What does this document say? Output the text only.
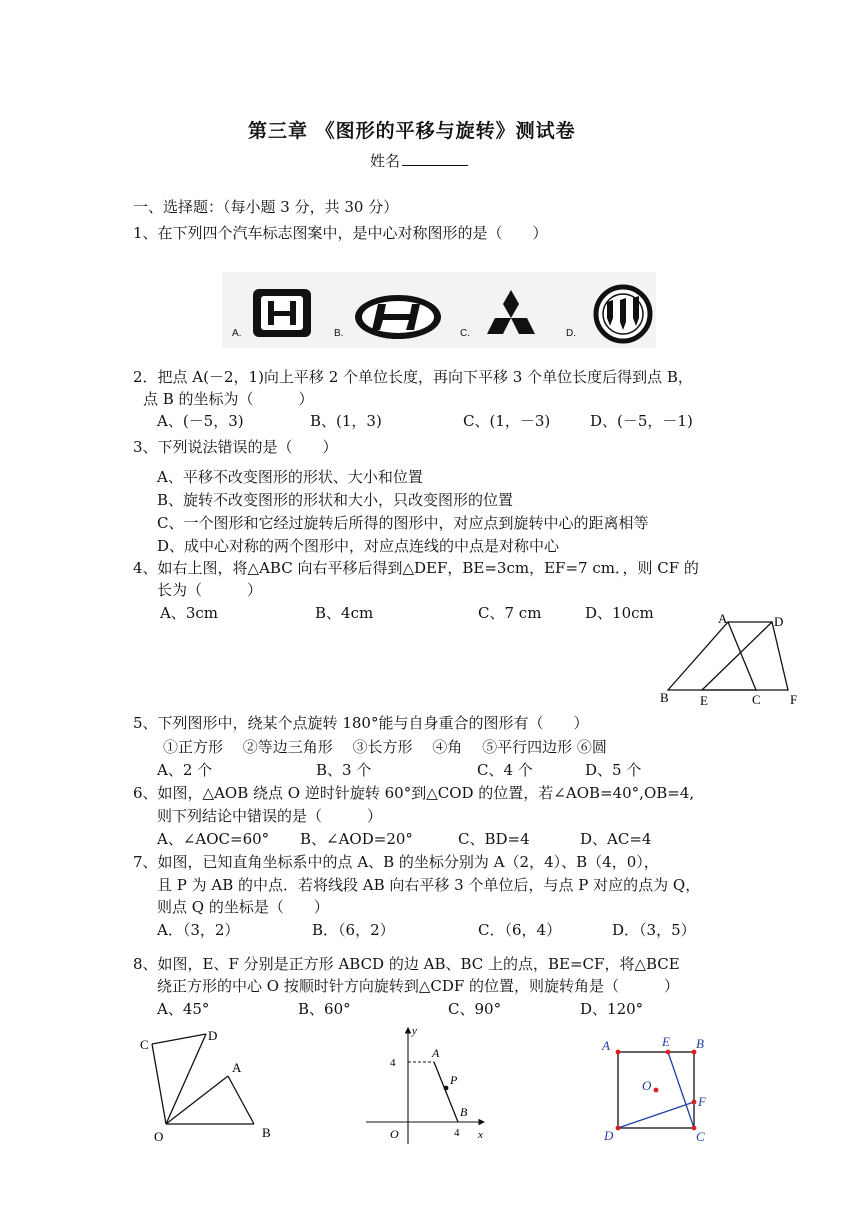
第三章 《图形的平移与旋转》测试卷
姓名
一、选择题：（每小题 3 分，共 30 分）
1、在下列四个汽车标志图案中，是中心对称图形的是（　　）
A.	B.	C.	D.
2．把点 A(－2，1)向上平移 2 个单位长度，再向下平移 3 个单位长度后得到点 B，
点 B 的坐标为（　　　）
A、(－5，3)	B、(1，3)	C、(1，－3)	D、(－5，－1)
3、下列说法错误的是（　　）
A、平移不改变图形的形状、大小和位置
B、旋转不改变图形的形状和大小，只改变图形的位置
C、一个图形和它经过旋转后所得的图形中，对应点到旋转中心的距离相等
D、成中心对称的两个图形中，对应点连线的中点是对称中心
4、如右上图，将△ABC 向右平移后得到△DEF，BE=3cm，EF=7 cm．，则 CF 的
长为（　　　）
A、3cm	B、4cm	C、7 cm	D、10cm	A	D
B E	C F
5、下列图形中，绕某个点旋转 180°能与自身重合的图形有（　　）
①正方形　 ②等边三角形　 ③长方形　 ④角　 ⑤平行四边形 ⑥圆
A、2 个	B、3 个	C、4 个	D、5 个
6、如图，△AOB 绕点 O 逆时针旋转 60°到△COD 的位置，若∠AOB=40°,OB=4,
则下列结论中错误的是（　　　）
A、∠AOC=60° B、∠AOD=20°	C、BD=4	D、AC=4
7、如图，已知直角坐标系中的点 A、B 的坐标分别为 A（2，4）、B（4，0），
且 P 为 AB 的中点．若将线段 AB 向右平移 3 个单位后，与点 P 对应的点为 Q，
则点 Q 的坐标是（　　）
A．（3，2）	B．（6，2）	C．（6，4）	D．（3，5）
8、如图，E、F 分别是正方形 ABCD 的边 AB、BC 上的点，BE=CF，将△BCE
绕正方形的中心 O 按顺时针方向旋转到△CDF 的位置，则旋转角是（　　　）
A、45°	B、60°	C、90°	D、120°
C
D
A
O	B
y
4
A
P
B
O	4 x
A	E B
O
F
D	C
